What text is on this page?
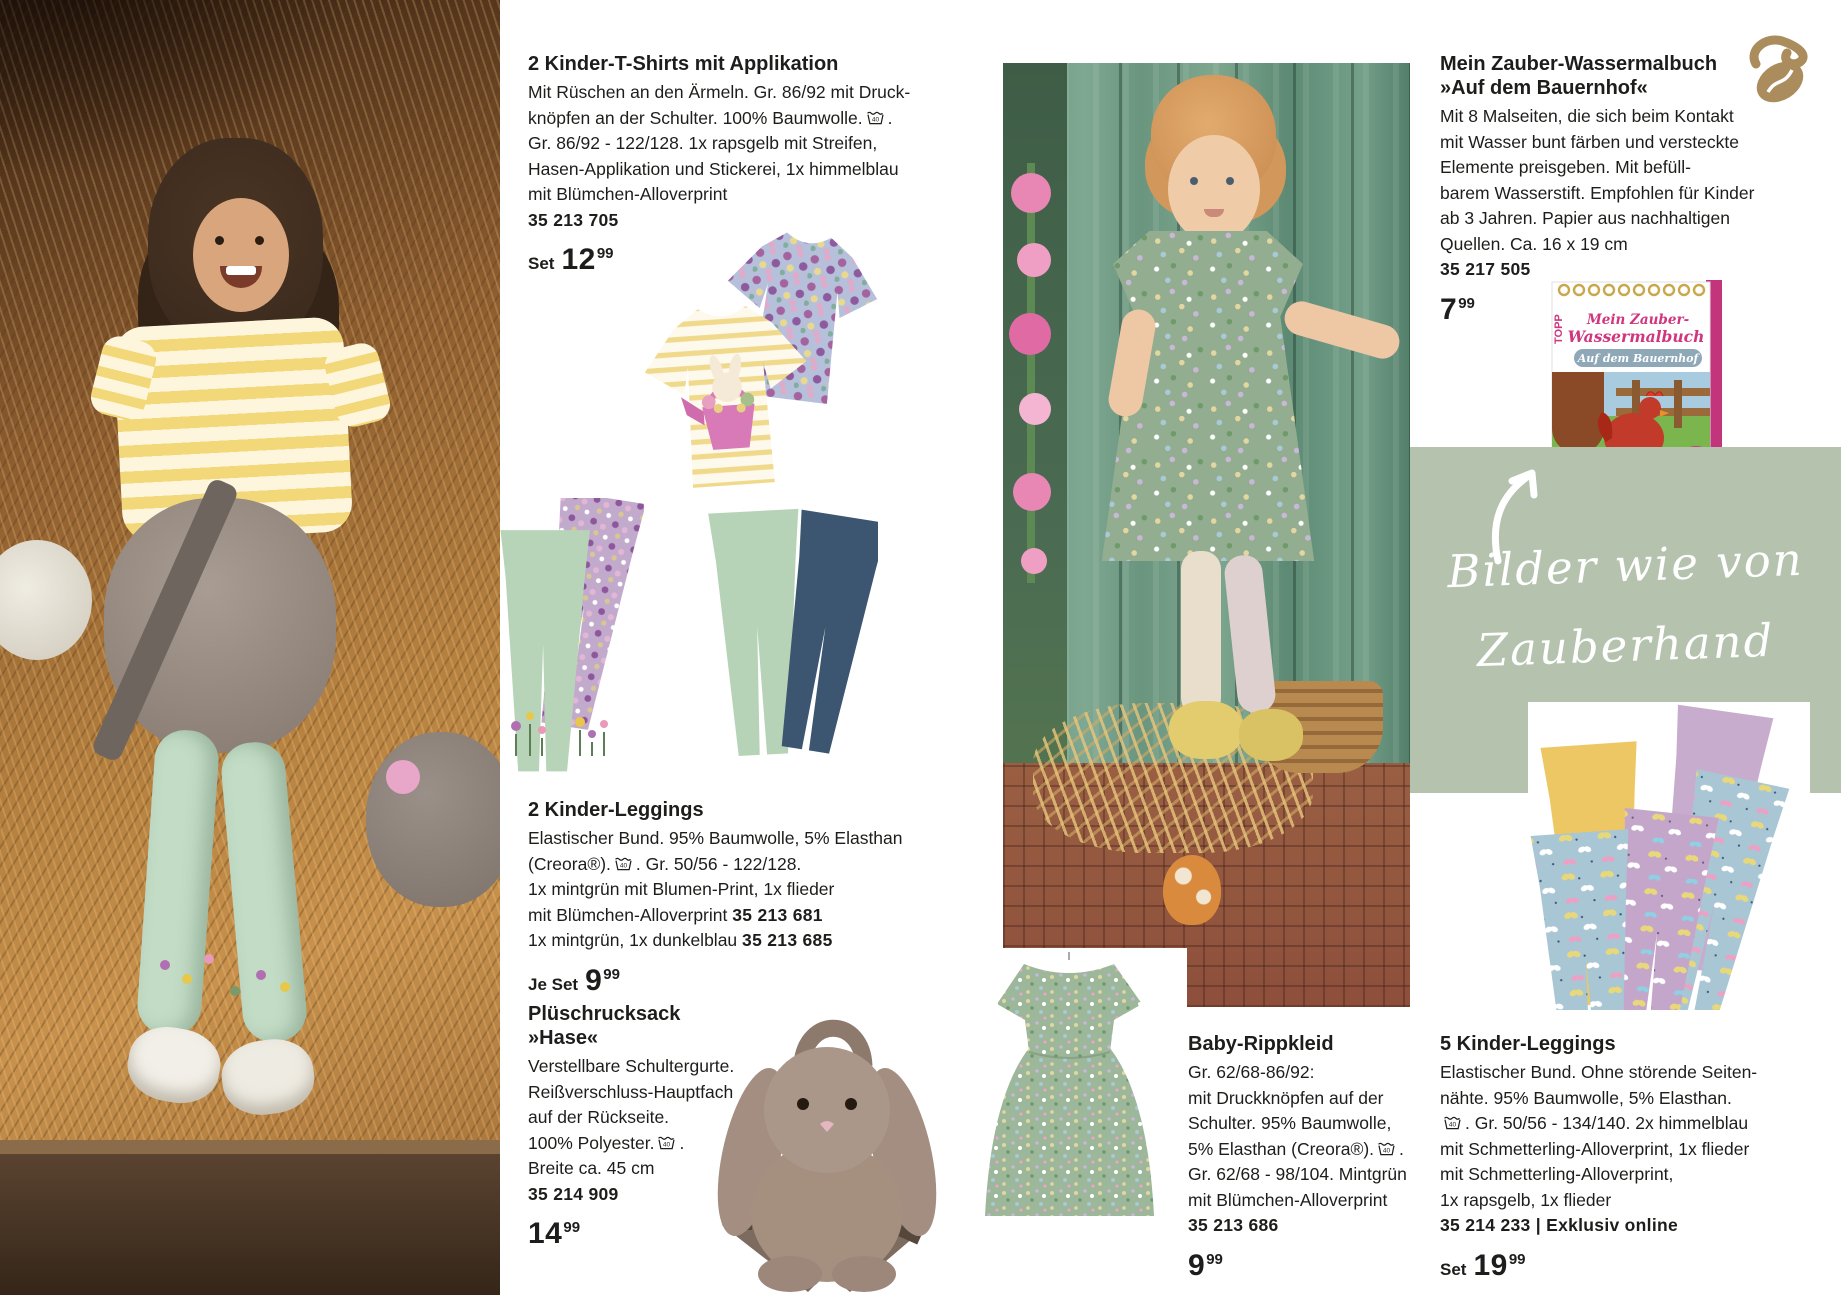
2 Kinder-T-Shirts mit Applikation
Mit Rüschen an den Ärmeln. Gr. 86/92 mit Druck-
knöpfen an der Schulter. 100% Baumwolle. 40 .
Gr. 86/92 - 122/128. 1x rapsgelb mit Streifen,
Hasen-Applikation und Stickerei, 1x himmelblau
mit Blümchen-Alloverprint
35 213 705
Set 1299
2 Kinder-Leggings
Elastischer Bund. 95% Baumwolle, 5% Elasthan
(Creora®). 40 . Gr. 50/56 - 122/128.
1x mintgrün mit Blumen-Print, 1x flieder
mit Blümchen-Alloverprint 35 213 681
1x mintgrün, 1x dunkelblau 35 213 685
Je Set 999
Plüschrucksack
»Hase«
Verstellbare Schultergurte.
Reißverschluss-Hauptfach
auf der Rückseite.
100% Polyester. 40 .
Breite ca. 45 cm
35 214 909
1499
Baby-Rippkleid
Gr. 62/68-86/92:
mit Druckknöpfen auf der
Schulter. 95% Baumwolle,
5% Elasthan (Creora®). 40 .
Gr. 62/68 - 98/104. Mintgrün
mit Blümchen-Alloverprint
35 213 686
999
Mein Zauber-Wassermalbuch
»Auf dem Bauernhof«
Mit 8 Malseiten, die sich beim Kontakt
mit Wasser bunt färben und versteckte
Elemente preisgeben. Mit befüll-
barem Wasserstift. Empfohlen für Kinder
ab 3 Jahren. Papier aus nachhaltigen
Quellen. Ca. 16 x 19 cm
35 217 505
799
TOPP Mein Zauber-
Wassermalbuch
Auf dem Bauernhof
Bilder wie von
Zauberhand
5 Kinder-Leggings
Elastischer Bund. Ohne störende Seiten-
nähte. 95% Baumwolle, 5% Elasthan.
40 . Gr. 50/56 - 134/140. 2x himmelblau
mit Schmetterling-Alloverprint, 1x flieder
mit Schmetterling-Alloverprint,
1x rapsgelb, 1x flieder
35 214 233 | Exklusiv online
Set 1999
